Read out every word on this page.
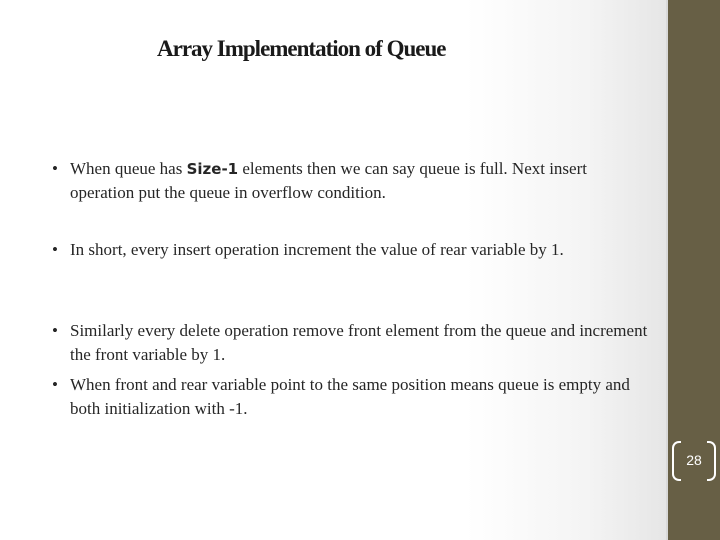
Array Implementation of Queue
• When queue has Size-1 elements then we can say queue is full. Next insert operation put the queue in overflow condition.
• In short, every insert operation increment the value of rear variable by 1.
• Similarly every delete operation remove front element from the queue and increment the front variable by 1.
• When front and rear variable point to the same position means queue is empty and both initialization with -1.
28
